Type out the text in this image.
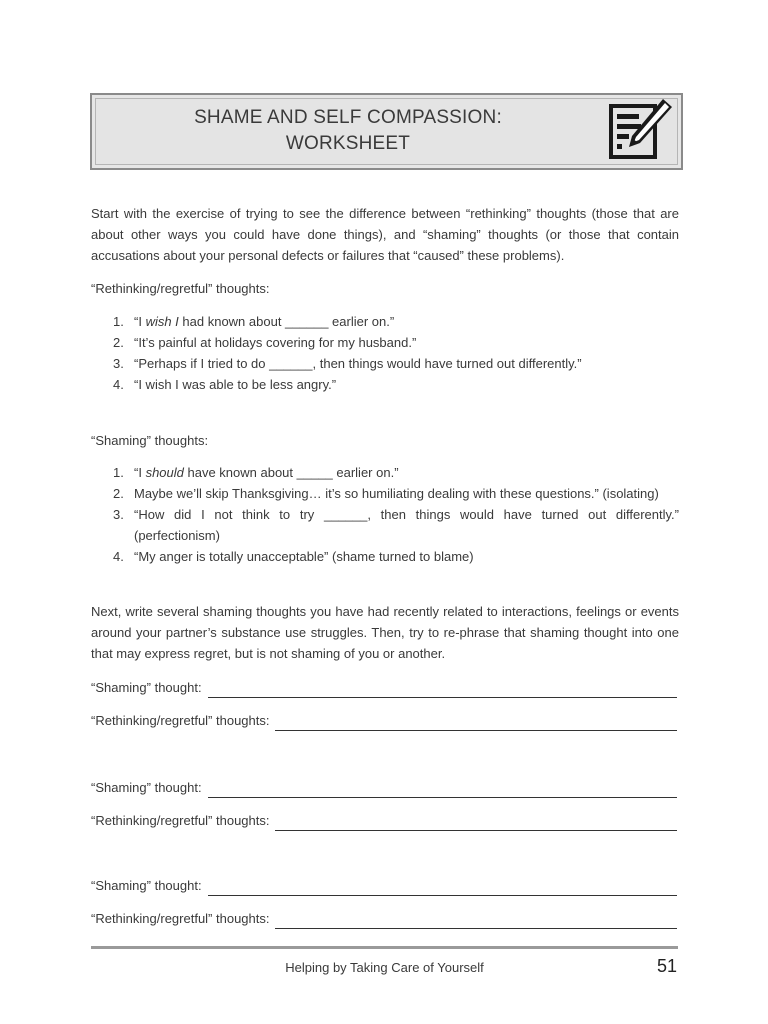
SHAME AND SELF COMPASSION:
WORKSHEET

Start with the exercise of trying to see the difference between “rethinking” thoughts (those that are about other ways you could have done things), and “shaming” thoughts (or those that contain accusations about your personal defects or failures that “caused” these problems).

“Rethinking/regretful” thoughts:

1. “I wish I had known about ______ earlier on.”
2. “It’s painful at holidays covering for my husband.”
3. “Perhaps if I tried to do ______, then things would have turned out differently.”
4. “I wish I was able to be less angry.”

“Shaming” thoughts:

1. “I should have known about _____ earlier on.”
2. Maybe we’ll skip Thanksgiving… it’s so humiliating dealing with these questions.” (isolating)
3. “How did I not think to try ______, then things would have turned out differently.” (perfectionism)
4. “My anger is totally unacceptable” (shame turned to blame)

Next, write several shaming thoughts you have had recently related to interactions, feelings or events around your partner’s substance use struggles. Then, try to re-phrase that shaming thought into one that may express regret, but is not shaming of you or another.

“Shaming” thought:
“Rethinking/regretful” thoughts:
“Shaming” thought:
“Rethinking/regretful” thoughts:
“Shaming” thought:
“Rethinking/regretful” thoughts:
Helping by Taking Care of Yourself	51
